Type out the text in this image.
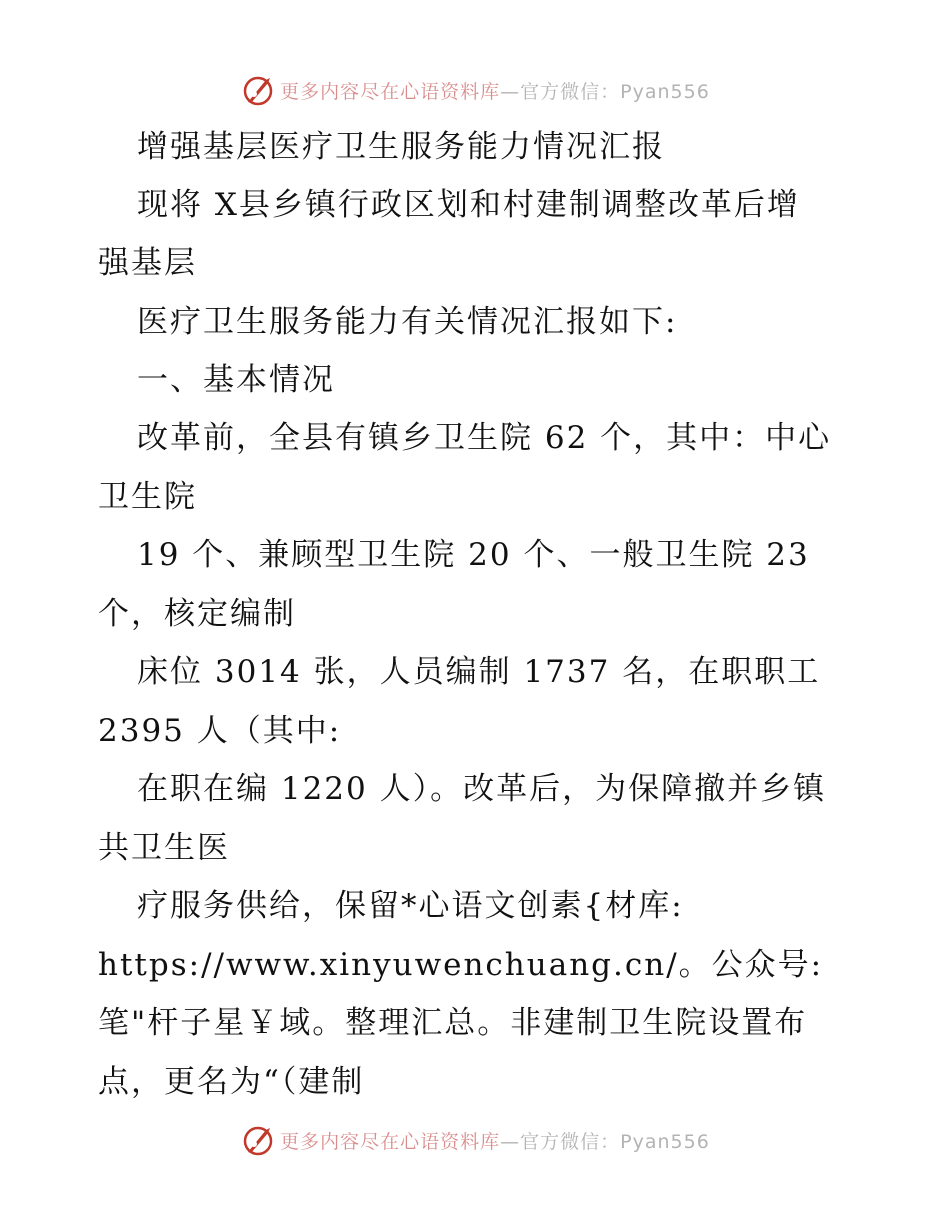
更多内容尽在心语资料库—官方微信：Pyan556
增强基层医疗卫生服务能力情况汇报
现将 X县乡镇行政区划和村建制调整改革后增
强基层
医疗卫生服务能力有关情况汇报如下:
一、基本情况
改革前，全县有镇乡卫生院 62 个，其中：中心
卫生院
19 个、兼顾型卫生院 20 个、一般卫生院 23
个，核定编制
床位 3014 张，人员编制 1737 名，在职职工
2395 人（其中:
在职在编 1220 人）。改革后，为保障撤并乡镇
共卫生医
疗服务供给，保留*心语文创素{材库:
https://www.xinyuwenchuang.cn/。公众号:
笔"杆子星￥域。整理汇总。非建制卫生院设置布
点，更名为“（建制
更多内容尽在心语资料库—官方微信：Pyan556
